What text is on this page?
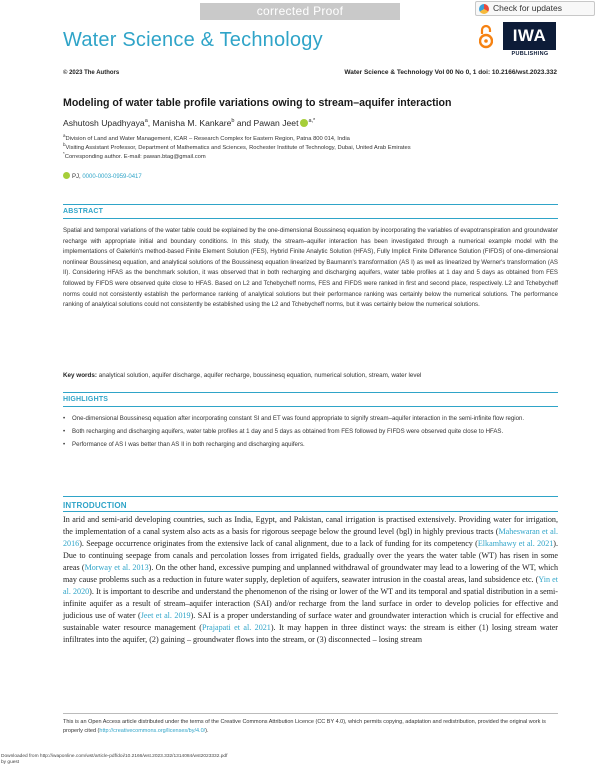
corrected Proof	Check for updates
Water Science & Technology	IWA
PUBLISHING
© 2023 The Authors	Water Science & Technology Vol 00 No 0, 1 doi: 10.2166/wst.2023.332
Modeling of water table profile variations owing to stream–aquifer interaction
Ashutosh Upadhyaya$^a$, Manisha M. Kankare$^b$ and Pawan Jeet $^{a,*}$
$^a$Division of Land and Water Management, ICAR – Research Complex for Eastern Region, Patna 800 014, India
$^b$Visiting Assistant Professor, Department of Mathematics and Sciences, Rochester Institute of Technology, Dubai, United Arab Emirates
*Corresponding author. E-mail: pawan.btag@gmail.com
PJ, 0000-0003-0959-0417
ABSTRACT
Spatial and temporal variations of the water table could be explained by the one-dimensional Boussinesq equation by incorporating the variables of evapotranspiration and groundwater recharge with appropriate initial and boundary conditions. In this study, the stream–aquifer interaction has been investigated through a numerical example model with the implementations of Galerkin's method-based Finite Element Solution (FES), Hybrid Finite Analytic Solution (HFAS), Fully Implicit Finite Difference Solution (FIFDS) of one-dimensional nonlinear Boussinesq equation, and analytical solutions of the Boussinesq equation linearized by Baumann's transformation (AS I) as well as linearized by Werner's transformation (AS II). Considering HFAS as the benchmark solution, it was observed that in both recharging and discharging aquifers, water table profiles at 1 day and 5 days as obtained from FES followed by FIFDS were observed quite close to HFAS. Based on L2 and Tchebycheff norms, FES and FIFDS were ranked in first and second place, respectively. L2 and Tchebycheff norms could not consistently establish the performance ranking of analytical solutions but their performance ranking was certainly below the numerical solutions. The performance ranking of analytical solutions could not consistently be established using the L2 and Tchebycheff norms, but it was certainly below the numerical solutions.
Key words: analytical solution, aquifer discharge, aquifer recharge, boussinesq equation, numerical solution, stream, water level
HIGHLIGHTS
• One-dimensional Boussinesq equation after incorporating constant SI and ET was found appropriate to signify stream–aquifer interaction in the semi-infinite flow region.
• Both recharging and discharging aquifers, water table profiles at 1 day and 5 days as obtained from FES followed by FIFDS were observed quite close to HFAS.
• Performance of AS I was better than AS II in both recharging and discharging aquifers.
INTRODUCTION
In arid and semi-arid developing countries, such as India, Egypt, and Pakistan, canal irrigation is practised extensively. Providing water for irrigation, the implementation of a canal system also acts as a basis for rigorous seepage below the ground level (bgl) in highly previous tracts (Maheswaran et al. 2016). Seepage occurrence originates from the extensive lack of canal alignment, due to a lack of funding for its competency (Elkamhawy et al. 2021). Due to continuing seepage from canals and percolation losses from irrigated fields, gradually over the years the water table (WT) has risen in some areas (Morway et al. 2013). On the other hand, excessive pumping and unplanned withdrawal of groundwater may lead to a lowering of the WT, which may cause problems such as a reduction in future water supply, depletion of aquifers, seawater intrusion in the coastal areas, land subsidence etc. (Yin et al. 2020). It is important to describe and understand the phenomenon of the rising or lower of the WT and its temporal and spatial distribution in a semi-infinite aquifer as a result of stream–aquifer interaction (SAI) and/or recharge from the land surface in order to develop policies for effective and judicious use of water (Jeet et al. 2019). SAI is a proper understanding of surface water and groundwater interaction which is crucial for effective and sustainable water resource management (Prajapati et al. 2021). It may happen in three distinct ways: the stream is either (1) losing stream water infiltrates into the aquifer, (2) gaining – groundwater flows into the stream, or (3) disconnected – losing stream
This is an Open Access article distributed under the terms of the Creative Commons Attribution Licence (CC BY 4.0), which permits copying, adaptation and redistribution, provided the original work is properly cited (http://creativecommons.org/licenses/by/4.0/).
Downloaded from http://iwaponline.com/wst/article-pdf/doi/10.2166/wst.2023.332/1314084/wst2023332.pdf
by guest
